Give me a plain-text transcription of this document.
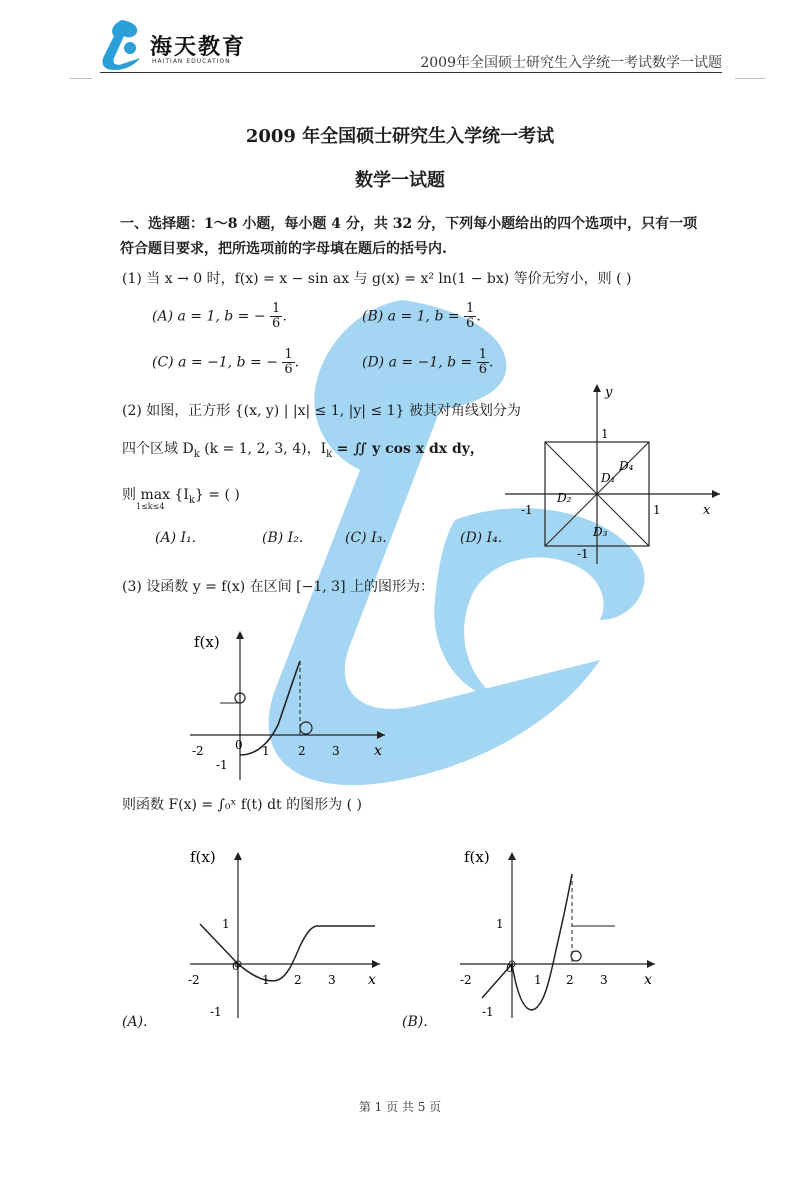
海天教育
HAITIAN EDUCATION	2009年全国硕士研究生入学统一考试数学一试题
2009 年全国硕士研究生入学统一考试
数学一试题
一、选择题：1～8 小题，每小题 4 分，共 32 分，下列每小题给出的四个选项中，只有一项
符合题目要求，把所选项前的字母填在题后的括号内.
(1) 当 x → 0 时，f(x) = x − sin ax 与 g(x) = x² ln(1 − bx) 等价无穷小，则 ( )
(A) a = 1, b = − $\frac{1}{6}$ .	(B) a = 1, $b = \frac{1}{6}$ .
(C) a = −1, b = − $\frac{1}{6}$ .	(D) a = −1, $b = \frac{1}{6}$ .
(2) 如图，正方形 {(x, y) | |x| ≤ 1, |y| ≤ 1} 被其对角线划分为
四个区域 $D_k$ (k = 1, 2, 3, 4)，$I_k$ = ∬ y cos x dx dy，
则 $\max \{I_k\}$ = ( )
1≤k≤4
(A) I₁.	(B) I₂.	(C) I₃.	(D) I₄.
y
x
1
1
-1
-1
D₁
D₂
D₃
D₄
(3) 设函数 y = f(x) 在区间 [−1, 3] 上的图形为：
f(x)
x
-2	0 1 2 3
-1
则函数 F(x) = ∫₀ˣ f(t) dt 的图形为 ( )
f(x)
x
1
-2
0
1 2 3
-1
(A).
f(x)
x
1
-2
0
1 2 3
-1
(B).
第 1 页 共 5 页
